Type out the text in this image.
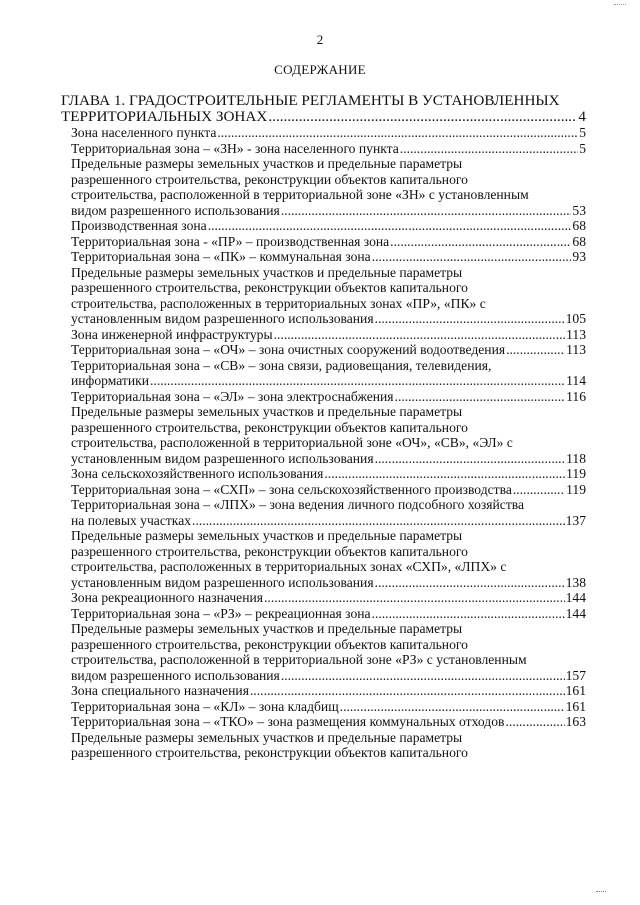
2
СОДЕРЖАНИЕ
ГЛАВА 1. ГРАДОСТРОИТЕЛЬНЫЕ РЕГЛАМЕНТЫ В УСТАНОВЛЕННЫХ
ТЕРРИТОРИАЛЬНЫХ ЗОНАХ .....	4
Зона населенного пункта .....	5
Территориальная зона – «ЗН» - зона населенного пункта .....	5
Предельные размеры земельных участков и предельные параметры
разрешенного строительства, реконструкции объектов капитального
строительства, расположенной в территориальной зоне «ЗН» с установленным
видом разрешенного использования .....	53
Производственная зона .....	68
Территориальная зона - «ПР» – производственная зона .....	68
Территориальная зона – «ПК» – коммунальная зона .....	93
Предельные размеры земельных участков и предельные параметры
разрешенного строительства, реконструкции объектов капитального
строительства, расположенных в территориальных зонах «ПР», «ПК» с
установленным видом разрешенного использования .....	105
Зона инженерной инфраструктуры .....	113
Территориальная зона – «ОЧ» – зона очистных сооружений водоотведения .....	113
Территориальная зона – «СВ» – зона связи, радиовещания, телевидения,
информатики .....	114
Территориальная зона – «ЭЛ» – зона электроснабжения .....	116
Предельные размеры земельных участков и предельные параметры
разрешенного строительства, реконструкции объектов капитального
строительства, расположенной в территориальной зоне «ОЧ», «СВ», «ЭЛ» с
установленным видом разрешенного использования .....	118
Зона сельскохозяйственного использования .....	119
Территориальная зона – «СХП» – зона сельскохозяйственного производства .....	119
Территориальная зона – «ЛПХ» – зона ведения личного подсобного хозяйства
на полевых участках .....	137
Предельные размеры земельных участков и предельные параметры
разрешенного строительства, реконструкции объектов капитального
строительства, расположенных в территориальных зонах «СХП», «ЛПХ» с
установленным видом разрешенного использования .....	138
Зона рекреационного назначения .....	144
Территориальная зона – «РЗ» – рекреационная зона .....	144
Предельные размеры земельных участков и предельные параметры
разрешенного строительства, реконструкции объектов капитального
строительства, расположенной в территориальной зоне «РЗ» с установленным
видом разрешенного использования .....	157
Зона специального назначения .....	161
Территориальная зона – «КЛ» – зона кладбищ .....	161
Территориальная зона – «ТКО» – зона размещения коммунальных отходов .....	163
Предельные размеры земельных участков и предельные параметры
разрешенного строительства, реконструкции объектов капитального
